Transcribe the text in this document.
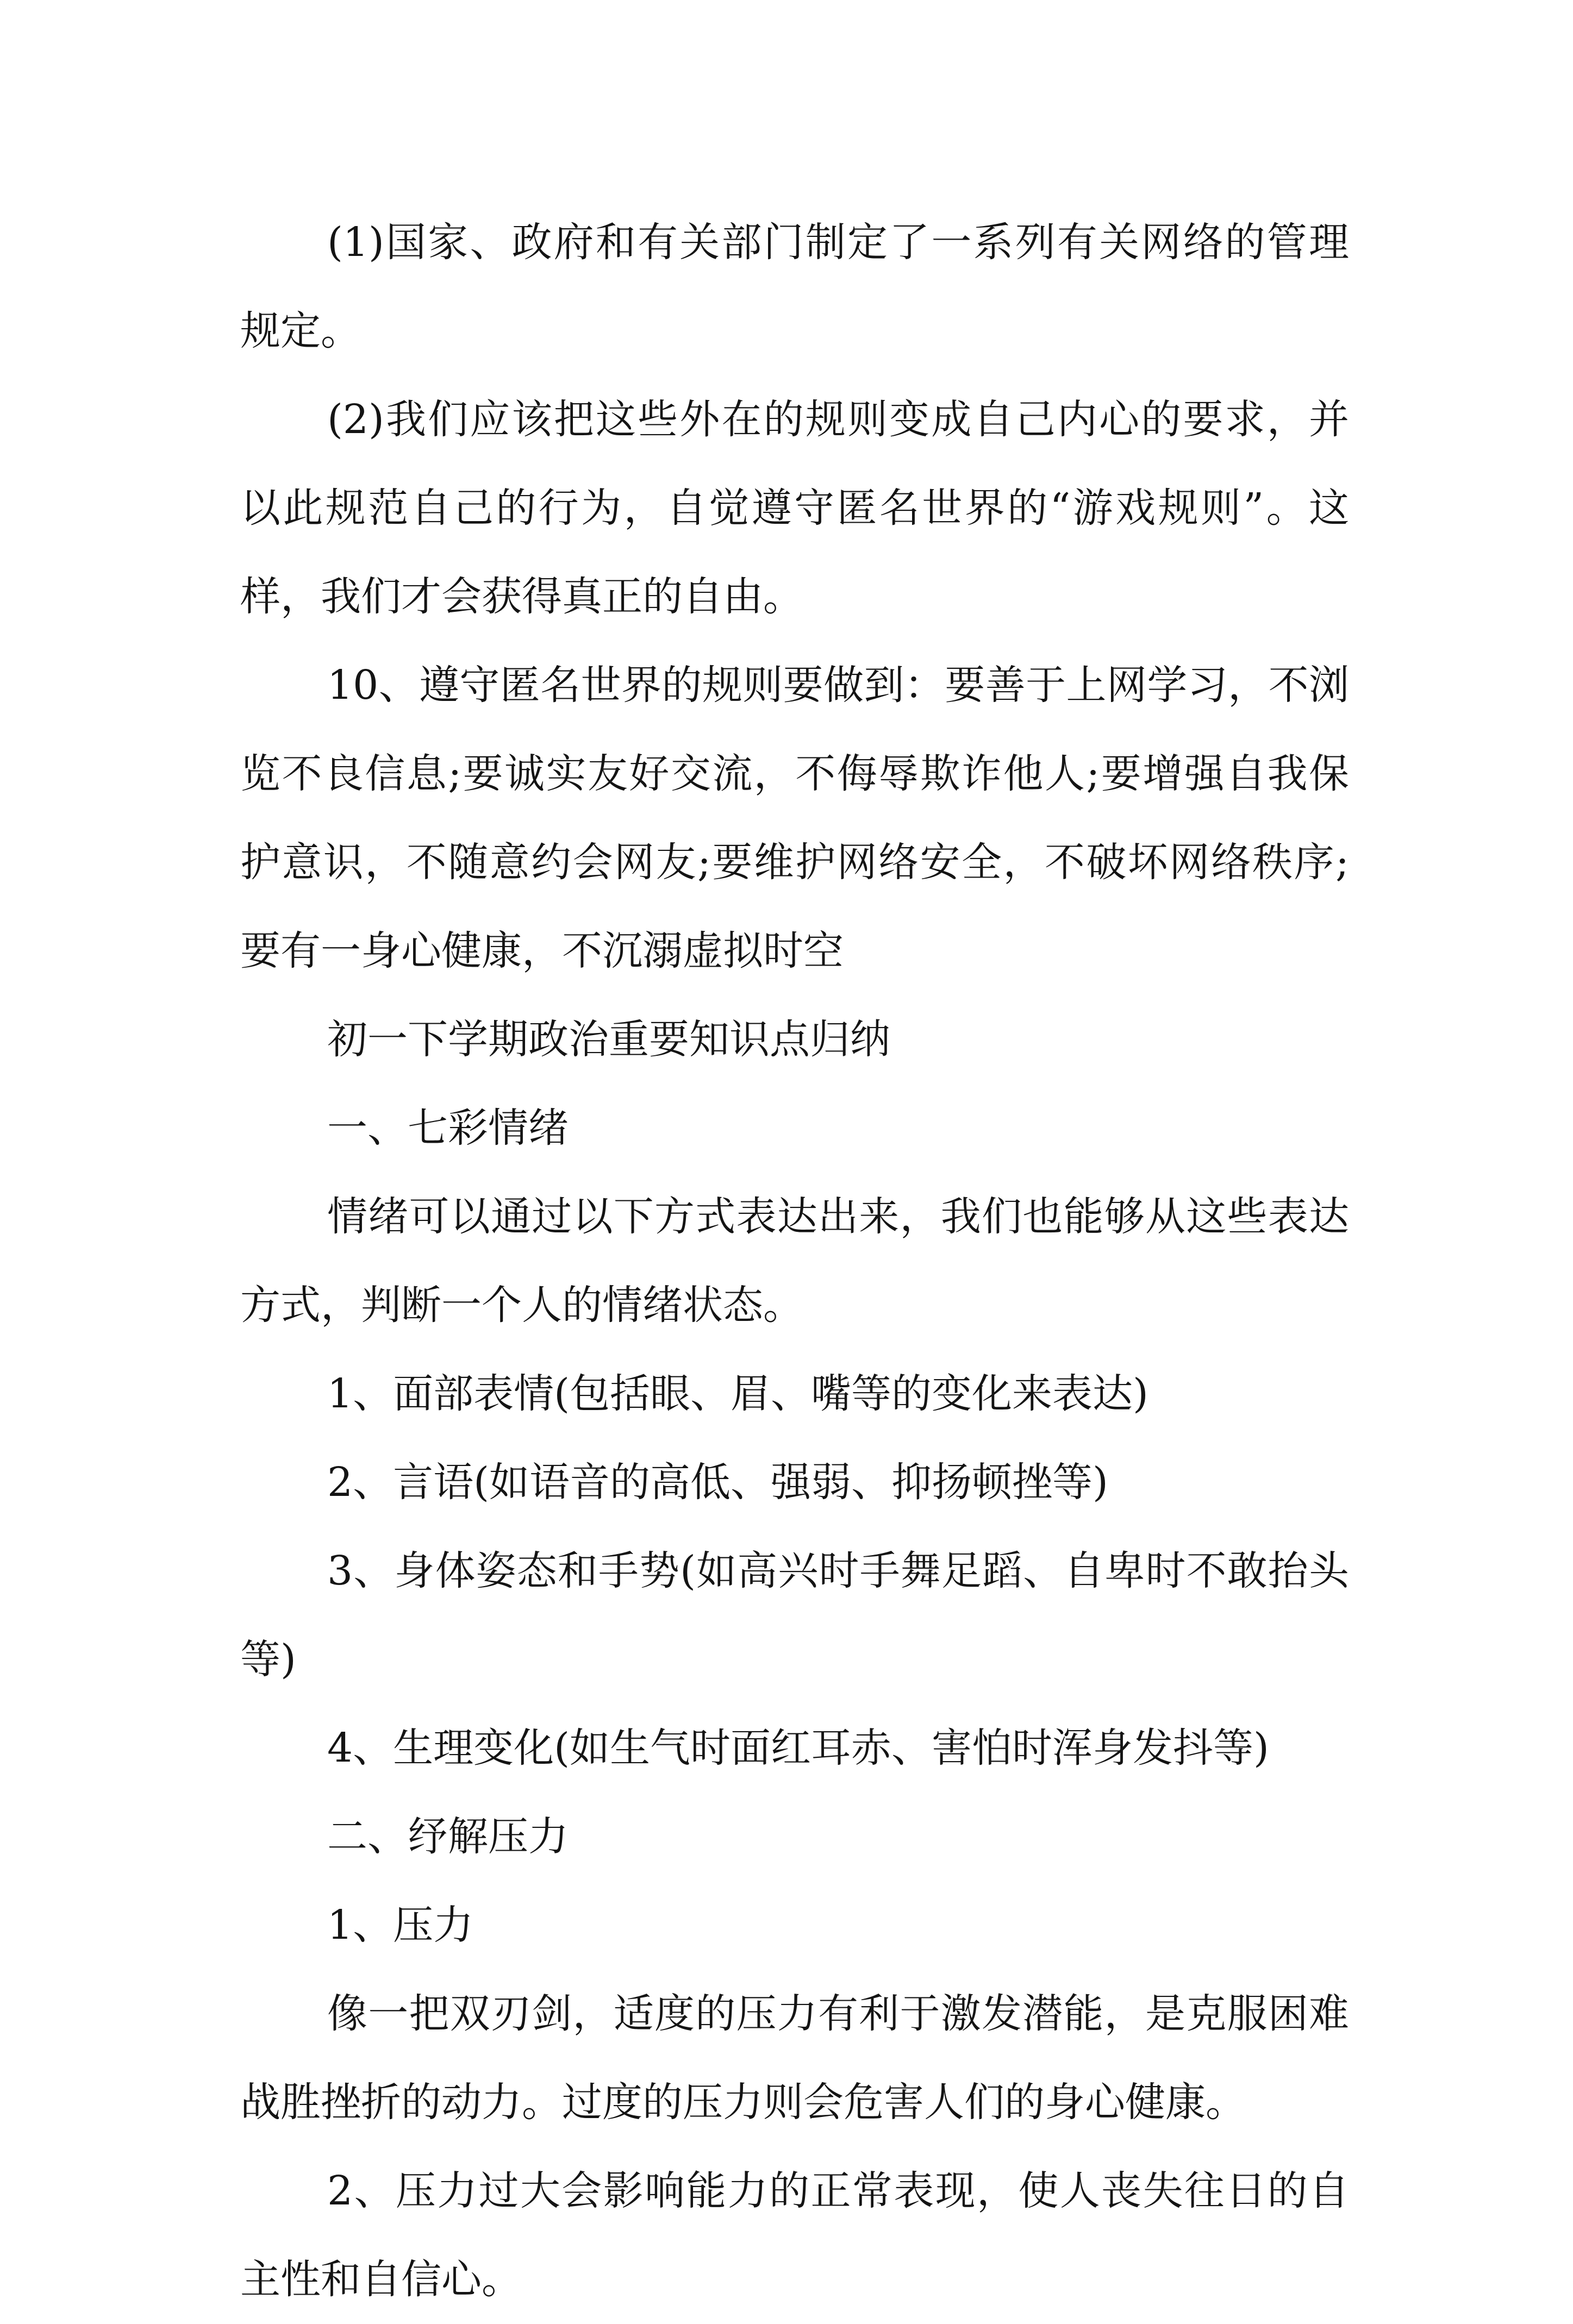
(1)国家、政府和有关部门制定了一系列有关网络的管理规定。

(2)我们应该把这些外在的规则变成自己内心的要求，并以此规范自己的行为，自觉遵守匿名世界的“游戏规则”。这样，我们才会获得真正的自由。

10、遵守匿名世界的规则要做到：要善于上网学习，不浏览不良信息;要诚实友好交流，不侮辱欺诈他人;要增强自我保护意识，不随意约会网友;要维护网络安全，不破坏网络秩序;要有一身心健康，不沉溺虚拟时空

初一下学期政治重要知识点归纳

一、七彩情绪

情绪可以通过以下方式表达出来，我们也能够从这些表达方式，判断一个人的情绪状态。

1、面部表情(包括眼、眉、嘴等的变化来表达)

2、言语(如语音的高低、强弱、抑扬顿挫等)

3、身体姿态和手势(如高兴时手舞足蹈、自卑时不敢抬头等)

4、生理变化(如生气时面红耳赤、害怕时浑身发抖等)

二、纾解压力

1、压力

像一把双刃剑，适度的压力有利于激发潜能，是克服困难战胜挫折的动力。过度的压力则会危害人们的身心健康。

2、压力过大会影响能力的正常表现，使人丧失往日的自主性和自信心。
